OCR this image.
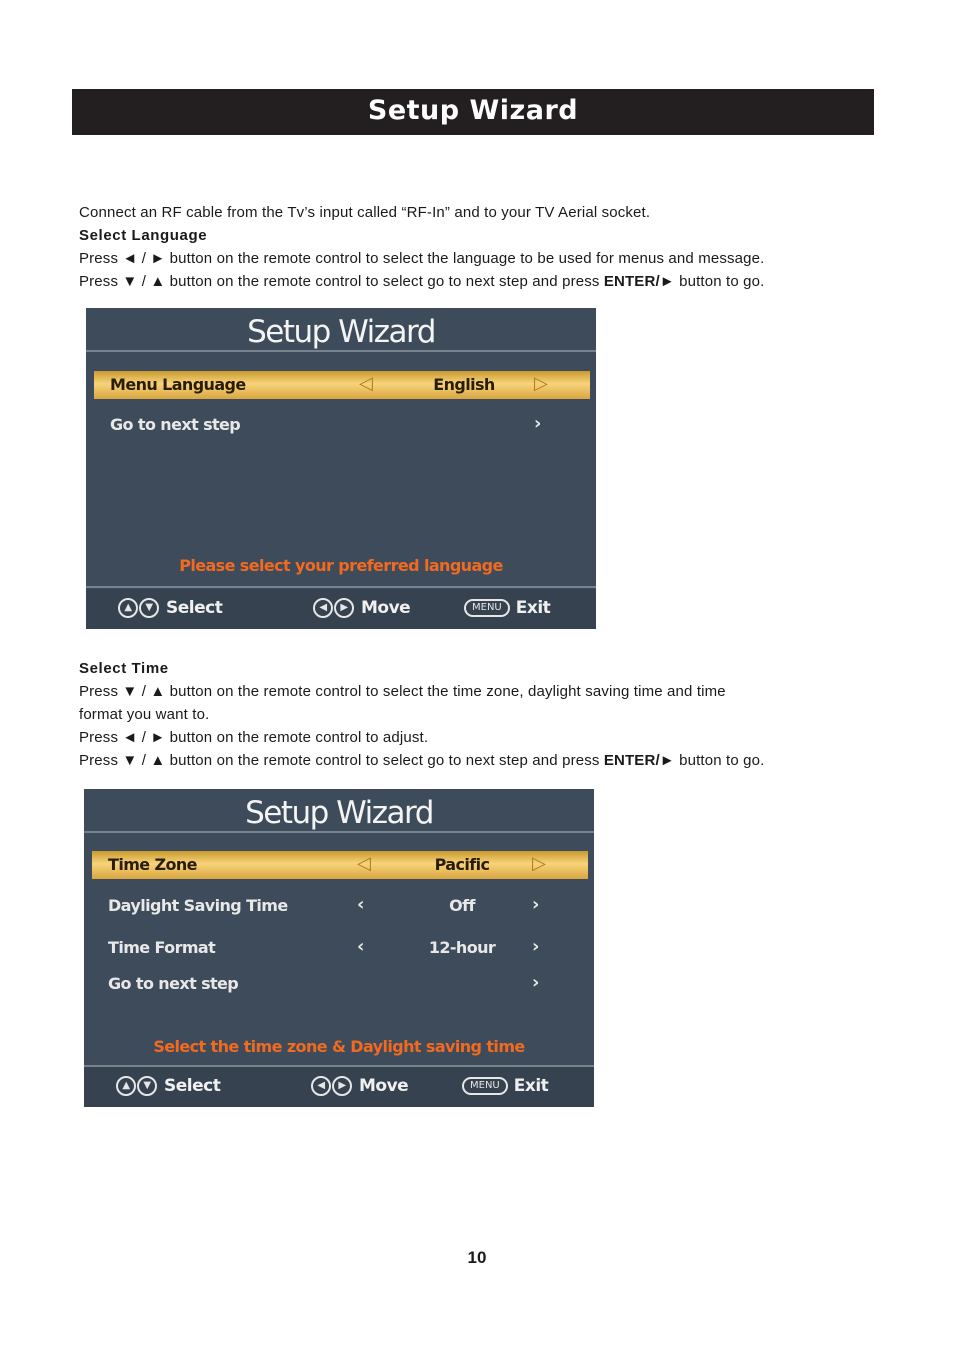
Setup Wizard
Connect an RF cable from the Tv’s input called “RF-In” and to your TV Aerial socket.
Select Language
Press ◄ / ► button on the remote control to select the language to be used for menus and message.
Press ▼ / ▲ button on the remote control to select go to next step and press ENTER/► button to go.
Setup Wizard
Menu Language	◁	English	▷
Go to next step	›
Please select your preferred language
▲	▼ Select	◀	▶ Move	MENU Exit
Select Time
Press ▼ / ▲ button on the remote control to select the time zone, daylight saving time and time
format you want to.
Press ◄ / ► button on the remote control to adjust.
Press ▼ / ▲ button on the remote control to select go to next step and press ENTER/► button to go.
Setup Wizard
Time Zone	◁	Pacific	▷
Daylight Saving Time	‹	Off	›
Time Format	‹	12-hour	›
Go to next step	›
Select the time zone & Daylight saving time
▲	▼ Select	◀	▶ Move	MENU Exit
10
